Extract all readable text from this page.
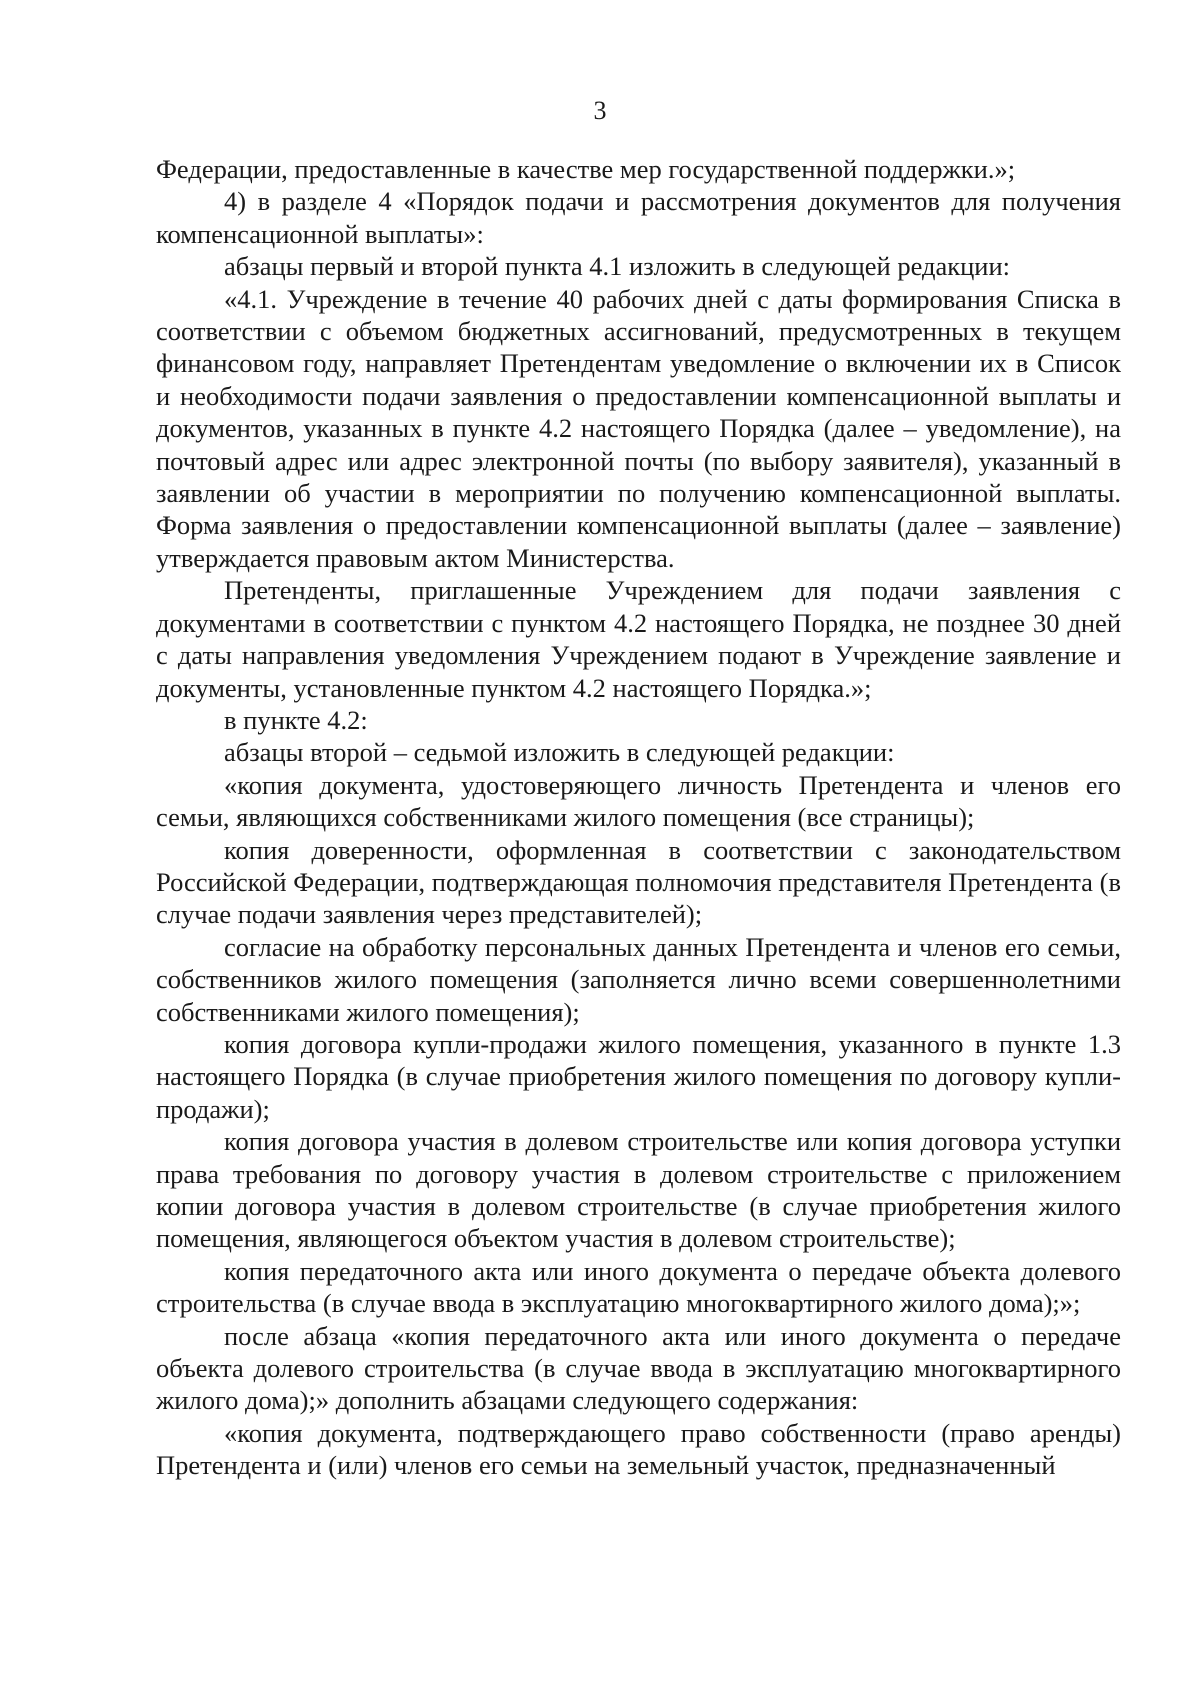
3

Федерации, предоставленные в качестве мер государственной поддержки.»;

4) в разделе 4 «Порядок подачи и рассмотрения документов для получения компенсационной выплаты»:

абзацы первый и второй пункта 4.1 изложить в следующей редакции:

«4.1. Учреждение в течение 40 рабочих дней с даты формирования Списка в соответствии с объемом бюджетных ассигнований, предусмотренных в текущем финансовом году, направляет Претендентам уведомление о включении их в Список и необходимости подачи заявления о предоставлении компенсационной выплаты и документов, указанных в пункте 4.2 настоящего Порядка (далее – уведомление), на почтовый адрес или адрес электронной почты (по выбору заявителя), указанный в заявлении об участии в мероприятии по получению компенсационной выплаты. Форма заявления о предоставлении компенсационной выплаты (далее – заявление) утверждается правовым актом Министерства.

Претенденты, приглашенные Учреждением для подачи заявления с документами в соответствии с пунктом 4.2 настоящего Порядка, не позднее 30 дней с даты направления уведомления Учреждением подают в Учреждение заявление и документы, установленные пунктом 4.2 настоящего Порядка.»;

в пункте 4.2:

абзацы второй – седьмой изложить в следующей редакции:

«копия документа, удостоверяющего личность Претендента и членов его семьи, являющихся собственниками жилого помещения (все страницы);

копия доверенности, оформленная в соответствии с законодательством Российской Федерации, подтверждающая полномочия представителя Претендента (в случае подачи заявления через представителей);

согласие на обработку персональных данных Претендента и членов его семьи, собственников жилого помещения (заполняется лично всеми совершеннолетними собственниками жилого помещения);

копия договора купли-продажи жилого помещения, указанного в пункте 1.3 настоящего Порядка (в случае приобретения жилого помещения по договору купли-продажи);

копия договора участия в долевом строительстве или копия договора уступки права требования по договору участия в долевом строительстве с приложением копии договора участия в долевом строительстве (в случае приобретения жилого помещения, являющегося объектом участия в долевом строительстве);

копия передаточного акта или иного документа о передаче объекта долевого строительства (в случае ввода в эксплуатацию многоквартирного жилого дома);»;

после абзаца «копия передаточного акта или иного документа о передаче объекта долевого строительства (в случае ввода в эксплуатацию многоквартирного жилого дома);» дополнить абзацами следующего содержания:

«копия документа, подтверждающего право собственности (право аренды) Претендента и (или) членов его семьи на земельный участок, предназначенный
